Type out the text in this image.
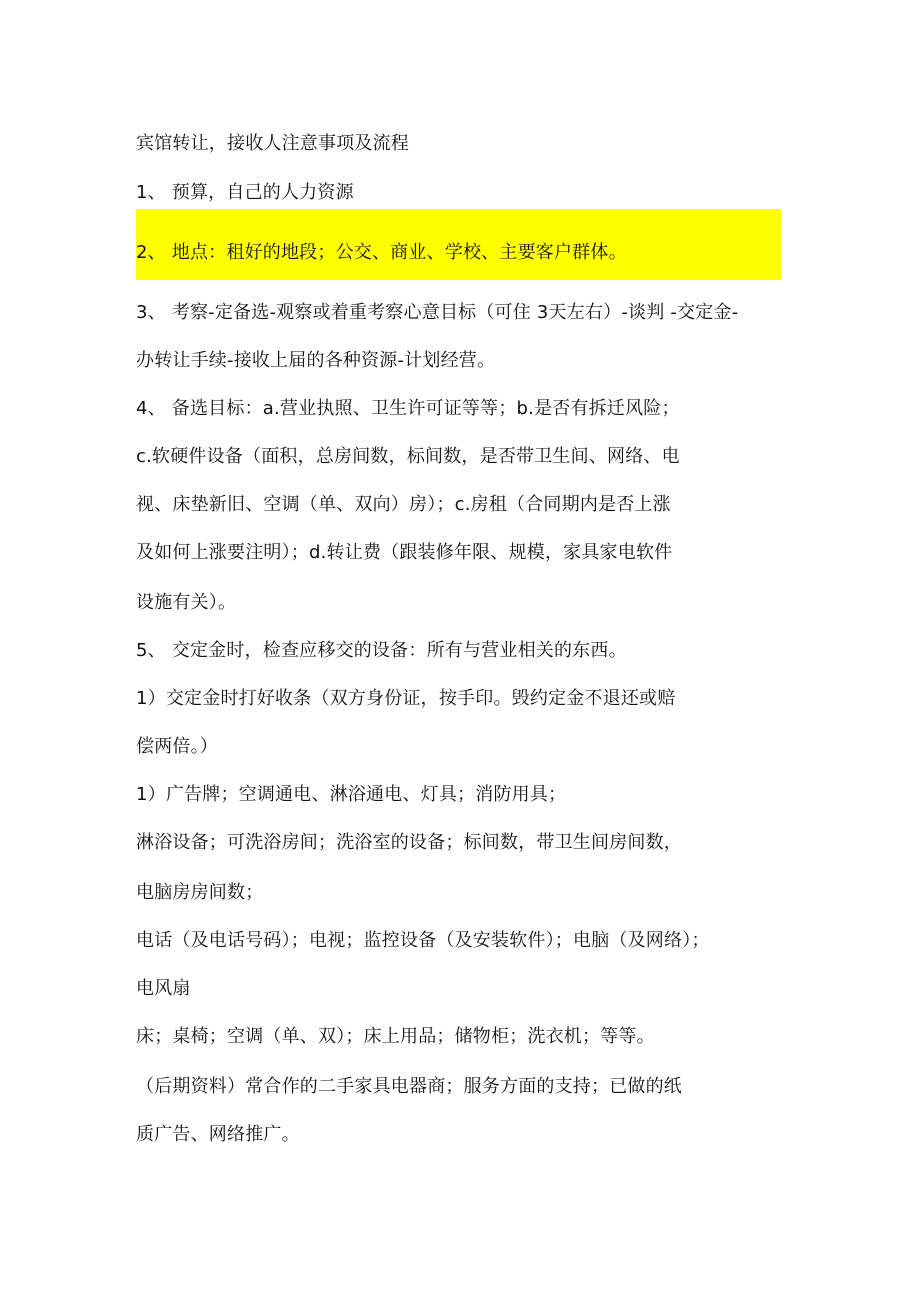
宾馆转让，接收人注意事项及流程
1、 预算，自己的人力资源
2、 地点：租好的地段；公交、商业、学校、主要客户群体。
3、 考察-定备选-观察或着重考察心意目标（可住 3天左右）-谈判 -交定金-
办转让手续-接收上届的各种资源-计划经营。
4、 备选目标：a.营业执照、卫生许可证等等；b.是否有拆迁风险；
c.软硬件设备（面积，总房间数，标间数，是否带卫生间、网络、电
视、床垫新旧、空调（单、双向）房）；c.房租（合同期内是否上涨
及如何上涨要注明）；d.转让费（跟装修年限、规模，家具家电软件
设施有关）。
5、 交定金时，检查应移交的设备：所有与营业相关的东西。
1）交定金时打好收条（双方身份证，按手印。毁约定金不退还或赔
偿两倍。）
1）广告牌；空调通电、淋浴通电、灯具；消防用具；
淋浴设备；可洗浴房间；洗浴室的设备；标间数，带卫生间房间数，
电脑房房间数；
电话（及电话号码）；电视；监控设备（及安装软件）；电脑（及网络）；
电风扇
床；桌椅；空调（单、双）；床上用品；储物柜；洗衣机；等等。
（后期资料）常合作的二手家具电器商；服务方面的支持；已做的纸
质广告、网络推广。
